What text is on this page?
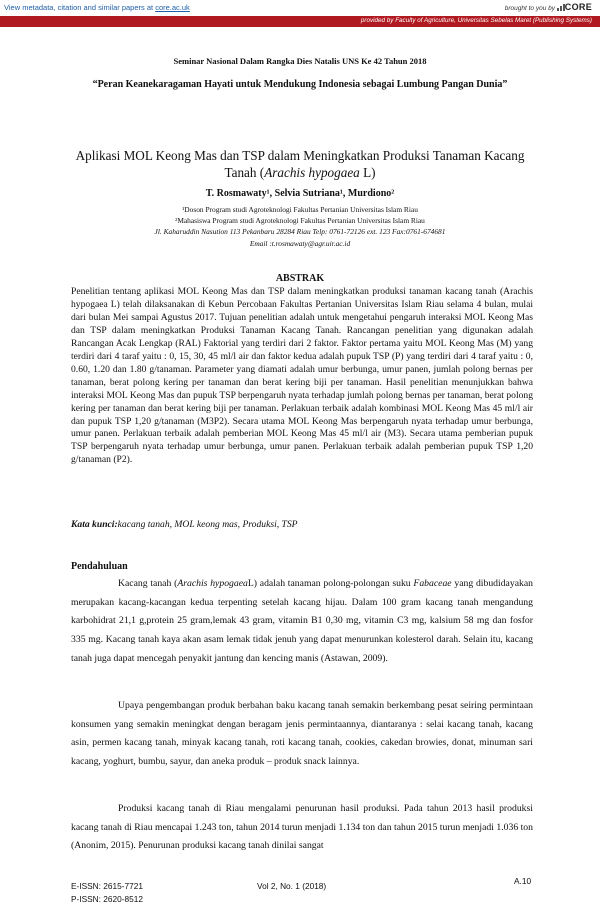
View metadata, citation and similar papers at core.ac.uk	brought to you by CORE
provided by Faculty of Agriculture, Universitas Sebelas Maret (Publishing Systems)
Seminar Nasional Dalam Rangka Dies Natalis UNS Ke 42 Tahun 2018
“Peran Keanekaragaman Hayati untuk Mendukung Indonesia sebagai Lumbung Pangan Dunia”
Aplikasi MOL Keong Mas dan TSP dalam Meningkatkan Produksi Tanaman Kacang
Tanah (Arachis hypogaea L)
T. Rosmawaty¹, Selvia Sutriana¹, Murdiono²
¹Doson Program studi Agroteknologi Fakultas Pertanian Universitas Islam Riau
²Mahasiswa Program studi Agroteknologi Fakultas Pertanian Universitas Islam Riau
Jl. Kaharuddin Nasution 113 Pekanbaru 28284 Riau Telp: 0761-72126 ext. 123 Fax:0761-674681
Email :t.rosmawaty@agr.uir.ac.id
ABSTRAK

Penelitian tentang aplikasi MOL Keong Mas dan TSP dalam meningkatkan produksi tanaman kacang tanah (Arachis hypogaea L) telah dilaksanakan di Kebun Percobaan Fakultas Pertanian Universitas Islam Riau selama 4 bulan, mulai dari bulan Mei sampai Agustus 2017. Tujuan penelitian adalah untuk mengetahui pengaruh interaksi MOL Keong Mas dan TSP dalam meningkatkan Produksi Tanaman Kacang Tanah. Rancangan penelitian yang digunakan adalah Rancangan Acak Lengkap (RAL) Faktorial yang terdiri dari 2 faktor. Faktor pertama yaitu MOL Keong Mas (M) yang terdiri dari 4 taraf yaitu : 0, 15, 30, 45 ml/l air dan faktor kedua adalah pupuk TSP (P) yang terdiri dari 4 taraf yaitu : 0, 0.60, 1.20 dan 1.80 g/tanaman. Parameter yang diamati adalah umur berbunga, umur panen, jumlah polong bernas per tanaman, berat polong kering per tanaman dan berat kering biji per tanaman. Hasil penelitian menunjukkan bahwa interaksi MOL Keong Mas dan pupuk TSP berpengaruh nyata terhadap jumlah polong bernas per tanaman, berat polong kering per tanaman dan berat kering biji per tanaman. Perlakuan terbaik adalah kombinasi MOL Keong Mas 45 ml/l air dan pupuk TSP 1,20 g/tanaman (M3P2). Secara utama MOL Keong Mas berpengaruh nyata terhadap umur berbunga, umur panen. Perlakuan terbaik adalah pemberian MOL Keong Mas 45 ml/l air (M3). Secara utama pemberian pupuk TSP berpengaruh nyata terhadap umur berbunga, umur panen. Perlakuan terbaik adalah pemberian pupuk TSP 1,20 g/tanaman (P2).

Kata kunci:kacang tanah, MOL keong mas, Produksi, TSP
Pendahuluan

Kacang tanah (Arachis hypogaeaL) adalah tanaman polong-polongan suku Fabaceae yang dibudidayakan merupakan kacang-kacangan kedua terpenting setelah kacang hijau. Dalam 100 gram kacang tanah mengandung karbohidrat 21,1 g,protein 25 gram,lemak 43 gram, vitamin B1 0,30 mg, vitamin C3 mg, kalsium 58 mg dan fosfor 335 mg. Kacang tanah kaya akan asam lemak tidak jenuh yang dapat menurunkan kolesterol darah. Selain itu, kacang tanah juga dapat mencegah penyakit jantung dan kencing manis (Astawan, 2009).

Upaya pengembangan produk berbahan baku kacang tanah semakin berkembang pesat seiring permintaan konsumen yang semakin meningkat dengan beragam jenis permintaannya, diantaranya : selai kacang tanah, kacang asin, permen kacang tanah, minyak kacang tanah, roti kacang tanah, cookies, cakedan browies, donat, minuman sari kacang, yoghurt, bumbu, sayur, dan aneka produk – produk snack lainnya.

Produksi kacang tanah di Riau mengalami penurunan hasil produksi. Pada tahun 2013 hasil produksi kacang tanah di Riau mencapai 1.243 ton, tahun 2014 turun menjadi 1.134 ton dan tahun 2015 turun menjadi 1.036 ton (Anonim, 2015). Penurunan produksi kacang tanah dinilai sangat

E-ISSN: 2615-7721
P-ISSN: 2620-8512
Vol 2, No. 1 (2018)	A.10
